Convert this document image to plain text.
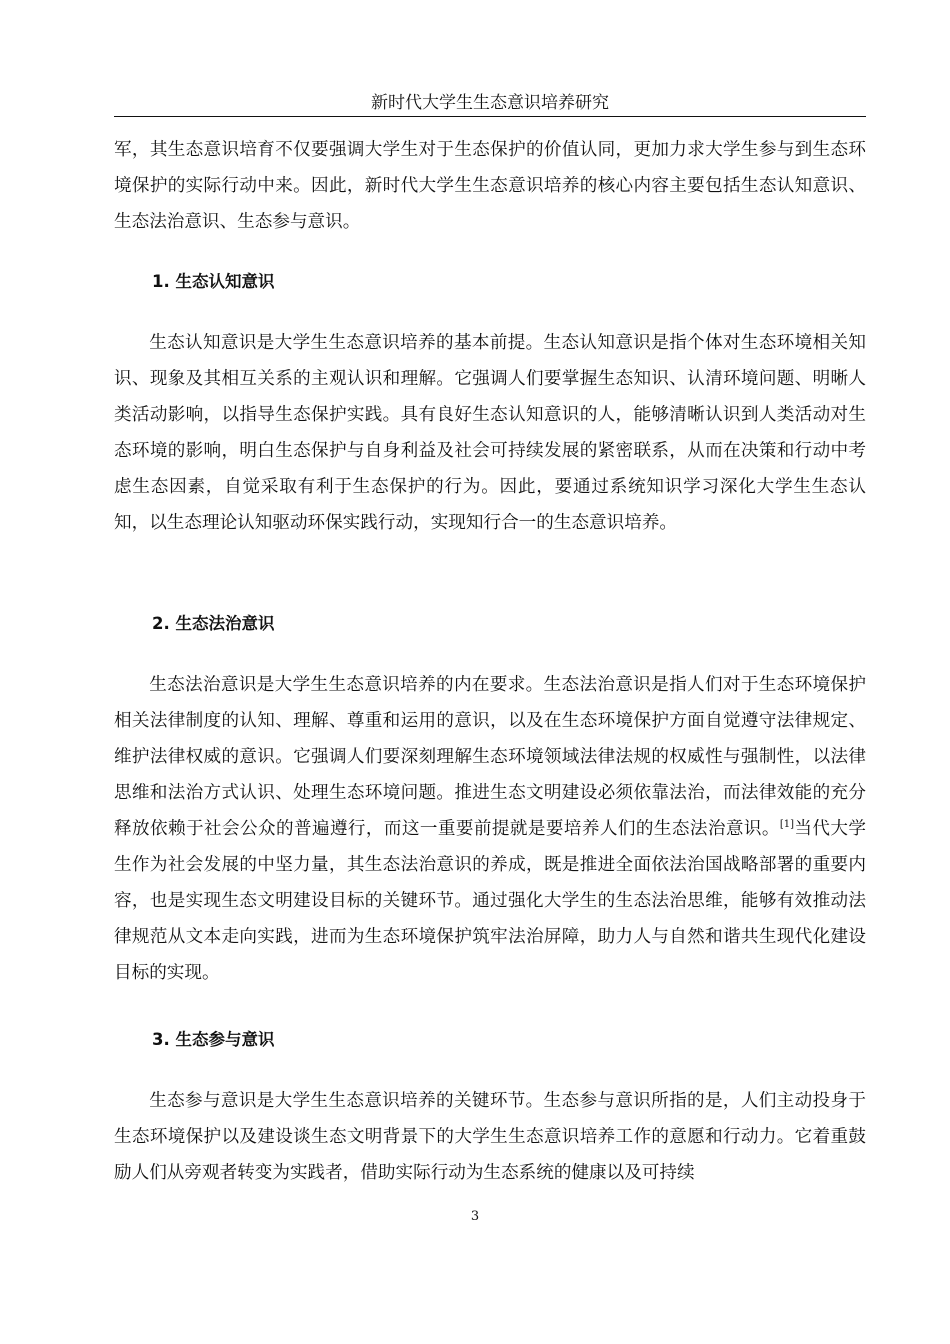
新时代大学生生态意识培养研究

军，其生态意识培育不仅要强调大学生对于生态保护的价值认同，更加力求大学生参与到生态环境保护的实际行动中来。因此，新时代大学生生态意识培养的核心内容主要包括生态认知意识、生态法治意识、生态参与意识。

1. 生态认知意识

生态认知意识是大学生生态意识培养的基本前提。生态认知意识是指个体对生态环境相关知识、现象及其相互关系的主观认识和理解。它强调人们要掌握生态知识、认清环境问题、明晰人类活动影响，以指导生态保护实践。具有良好生态认知意识的人，能够清晰认识到人类活动对生态环境的影响，明白生态保护与自身利益及社会可持续发展的紧密联系，从而在决策和行动中考虑生态因素，自觉采取有利于生态保护的行为。因此，要通过系统知识学习深化大学生生态认知，以生态理论认知驱动环保实践行动，实现知行合一的生态意识培养。

2. 生态法治意识

生态法治意识是大学生生态意识培养的内在要求。生态法治意识是指人们对于生态环境保护相关法律制度的认知、理解、尊重和运用的意识，以及在生态环境保护方面自觉遵守法律规定、维护法律权威的意识。它强调人们要深刻理解生态环境领域法律法规的权威性与强制性，以法律思维和法治方式认识、处理生态环境问题。推进生态文明建设必须依靠法治，而法律效能的充分释放依赖于社会公众的普遍遵行，而这一重要前提就是要培养人们的生态法治意识。[1]当代大学生作为社会发展的中坚力量，其生态法治意识的养成，既是推进全面依法治国战略部署的重要内容，也是实现生态文明建设目标的关键环节。通过强化大学生的生态法治思维，能够有效推动法律规范从文本走向实践，进而为生态环境保护筑牢法治屏障，助力人与自然和谐共生现代化建设目标的实现。

3. 生态参与意识

生态参与意识是大学生生态意识培养的关键环节。生态参与意识所指的是，人们主动投身于生态环境保护以及建设谈生态文明背景下的大学生生态意识培养工作的意愿和行动力。它着重鼓励人们从旁观者转变为实践者，借助实际行动为生态系统的健康以及可持续

3
